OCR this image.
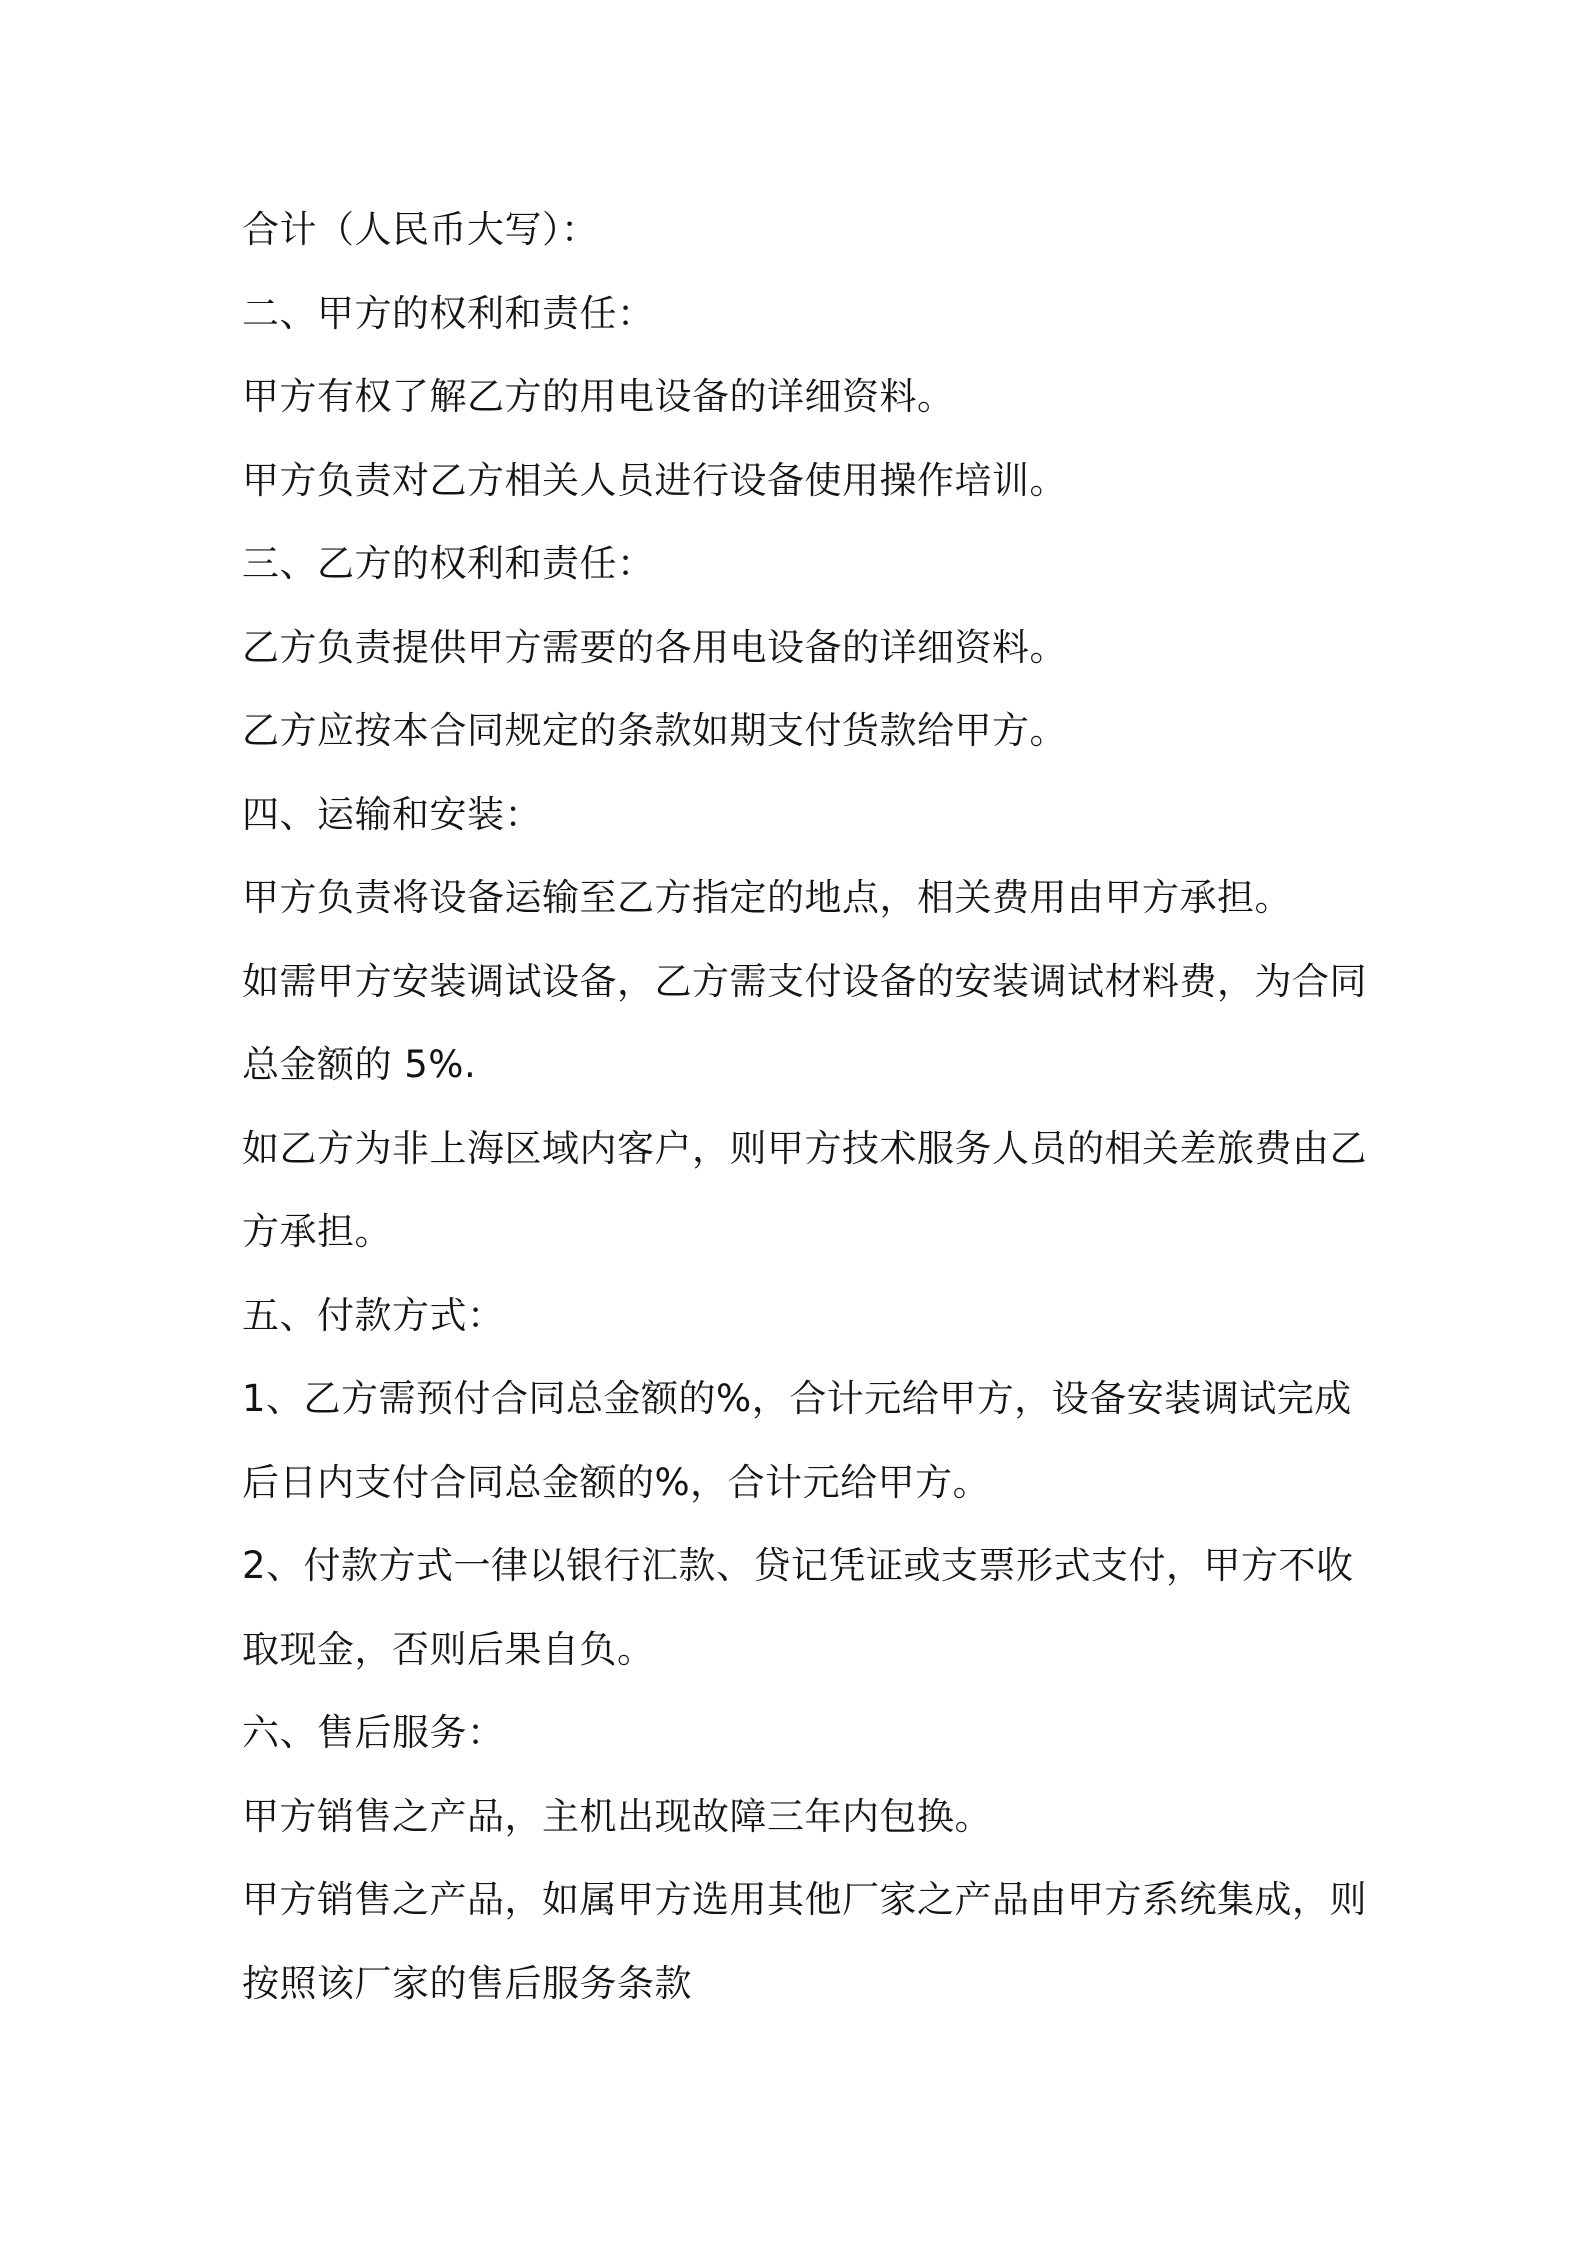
合计（人民币大写）：
二、甲方的权利和责任：
甲方有权了解乙方的用电设备的详细资料。
甲方负责对乙方相关人员进行设备使用操作培训。
三、乙方的权利和责任：
乙方负责提供甲方需要的各用电设备的详细资料。
乙方应按本合同规定的条款如期支付货款给甲方。
四、运输和安装：
甲方负责将设备运输至乙方指定的地点，相关费用由甲方承担。
如需甲方安装调试设备，乙方需支付设备的安装调试材料费，为合同
总金额的 5%.
如乙方为非上海区域内客户，则甲方技术服务人员的相关差旅费由乙
方承担。
五、付款方式：
1、乙方需预付合同总金额的%，合计元给甲方，设备安装调试完成
后日内支付合同总金额的%，合计元给甲方。
2、付款方式一律以银行汇款、贷记凭证或支票形式支付，甲方不收
取现金，否则后果自负。
六、售后服务：
甲方销售之产品，主机出现故障三年内包换。
甲方销售之产品，如属甲方选用其他厂家之产品由甲方系统集成，则
按照该厂家的售后服务条款
